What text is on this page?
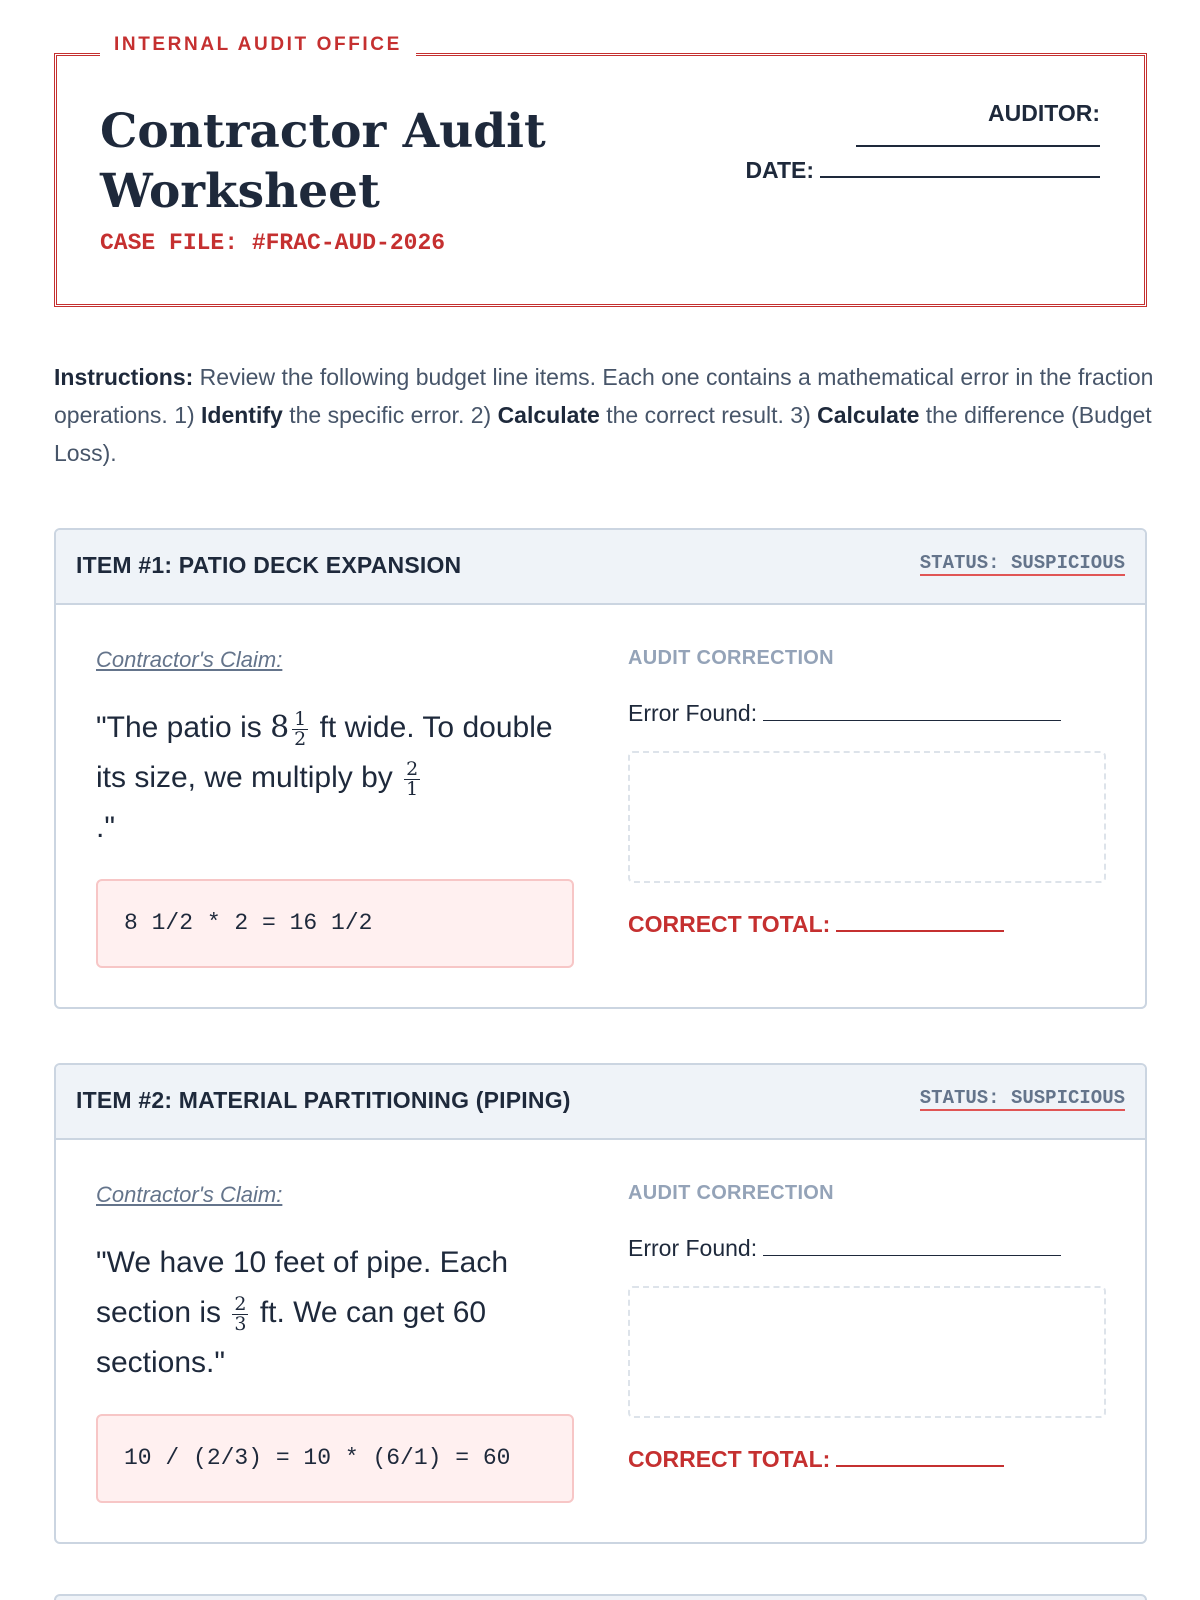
INTERNAL AUDIT OFFICE
Contractor Audit
Worksheet
CASE FILE: #FRAC-AUD-2026
AUDITOR:
DATE:
Instructions: Review the following budget line items. Each one contains a mathematical error in the fraction operations. 1) Identify the specific error. 2) Calculate the correct result. 3) Calculate the difference (Budget Loss).
ITEM #1: PATIO DECK EXPANSION	STATUS: SUSPICIOUS
Contractor's Claim:
"The patio is $8 \frac{1}{2}$ ft wide. To double its size, we multiply by $\frac{2}{1}$

."
8 1/2 * 2 = 16 1/2
AUDIT CORRECTION
Error Found:
CORRECT TOTAL:
ITEM #2: MATERIAL PARTITIONING (PIPING)	STATUS: SUSPICIOUS
Contractor's Claim:
"We have 10 feet of pipe. Each section is $\frac{2}{3}$ ft. We can get 60 sections."
10 / (2/3) = 10 * (6/1) = 60
AUDIT CORRECTION
Error Found:
CORRECT TOTAL:
